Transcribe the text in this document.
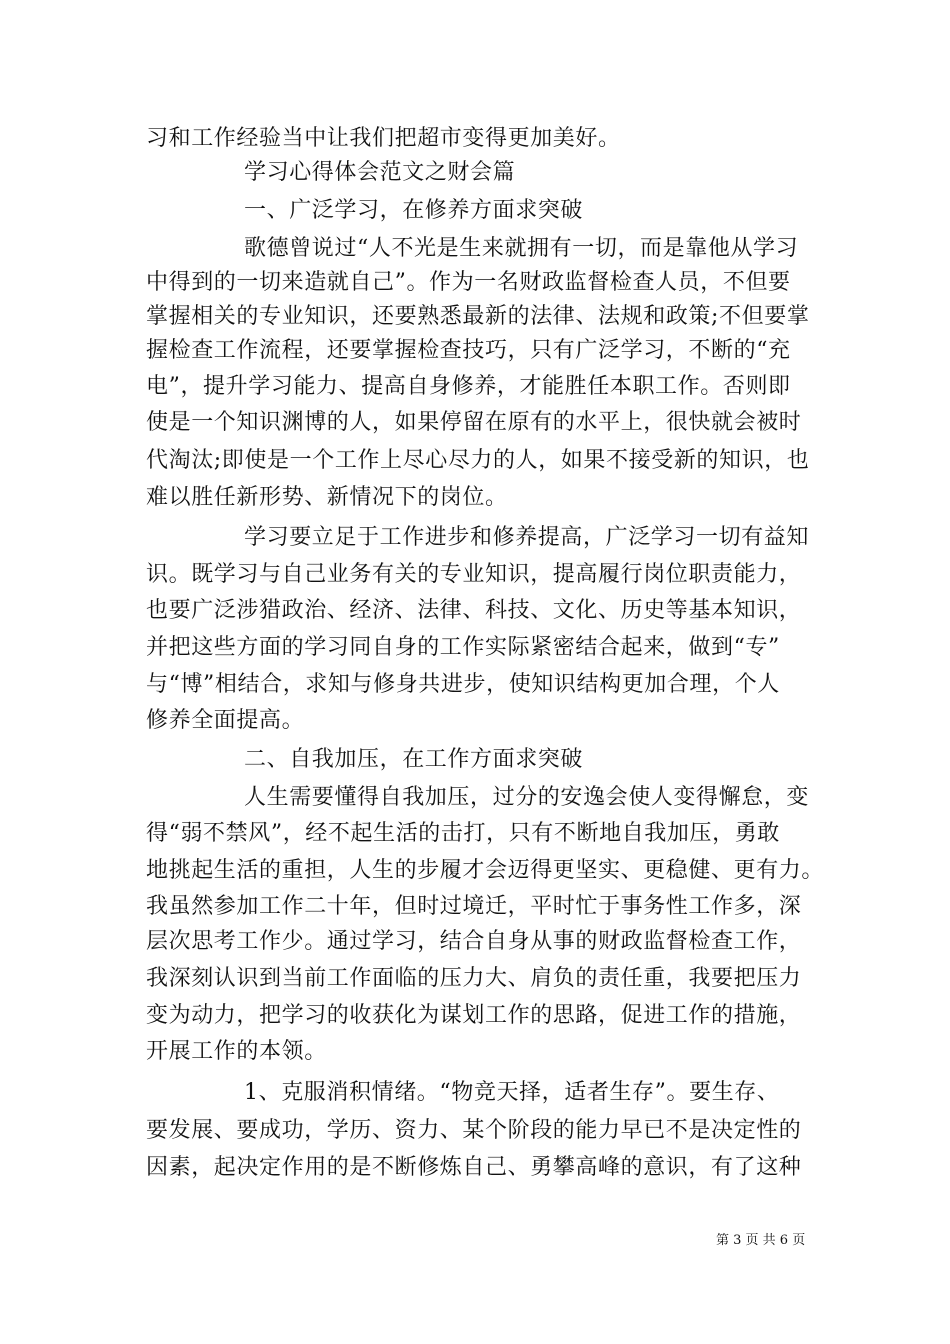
习和工作经验当中让我们把超市变得更加美好。
学习心得体会范文之财会篇
一、广泛学习，在修养方面求突破
歌德曾说过“人不光是生来就拥有一切，而是靠他从学习
中得到的一切来造就自己”。作为一名财政监督检查人员，不但要
掌握相关的专业知识，还要熟悉最新的法律、法规和政策;不但要掌
握检查工作流程，还要掌握检查技巧，只有广泛学习，不断的“充
电”，提升学习能力、提高自身修养，才能胜任本职工作。否则即
使是一个知识渊博的人，如果停留在原有的水平上，很快就会被时
代淘汰;即使是一个工作上尽心尽力的人，如果不接受新的知识，也
难以胜任新形势、新情况下的岗位。
学习要立足于工作进步和修养提高，广泛学习一切有益知
识。既学习与自己业务有关的专业知识，提高履行岗位职责能力，
也要广泛涉猎政治、经济、法律、科技、文化、历史等基本知识，
并把这些方面的学习同自身的工作实际紧密结合起来，做到“专”
与“博”相结合，求知与修身共进步，使知识结构更加合理，个人
修养全面提高。
二、自我加压，在工作方面求突破
人生需要懂得自我加压，过分的安逸会使人变得懈怠，变
得“弱不禁风”，经不起生活的击打，只有不断地自我加压，勇敢
地挑起生活的重担，人生的步履才会迈得更坚实、更稳健、更有力。
我虽然参加工作二十年，但时过境迁，平时忙于事务性工作多，深
层次思考工作少。通过学习，结合自身从事的财政监督检查工作，
我深刻认识到当前工作面临的压力大、肩负的责任重，我要把压力
变为动力，把学习的收获化为谋划工作的思路，促进工作的措施，
开展工作的本领。
1、克服消积情绪。“物竞天择，适者生存”。要生存、
要发展、要成功，学历、资力、某个阶段的能力早已不是决定性的
因素，起决定作用的是不断修炼自己、勇攀高峰的意识，有了这种
第 3 页 共 6 页
